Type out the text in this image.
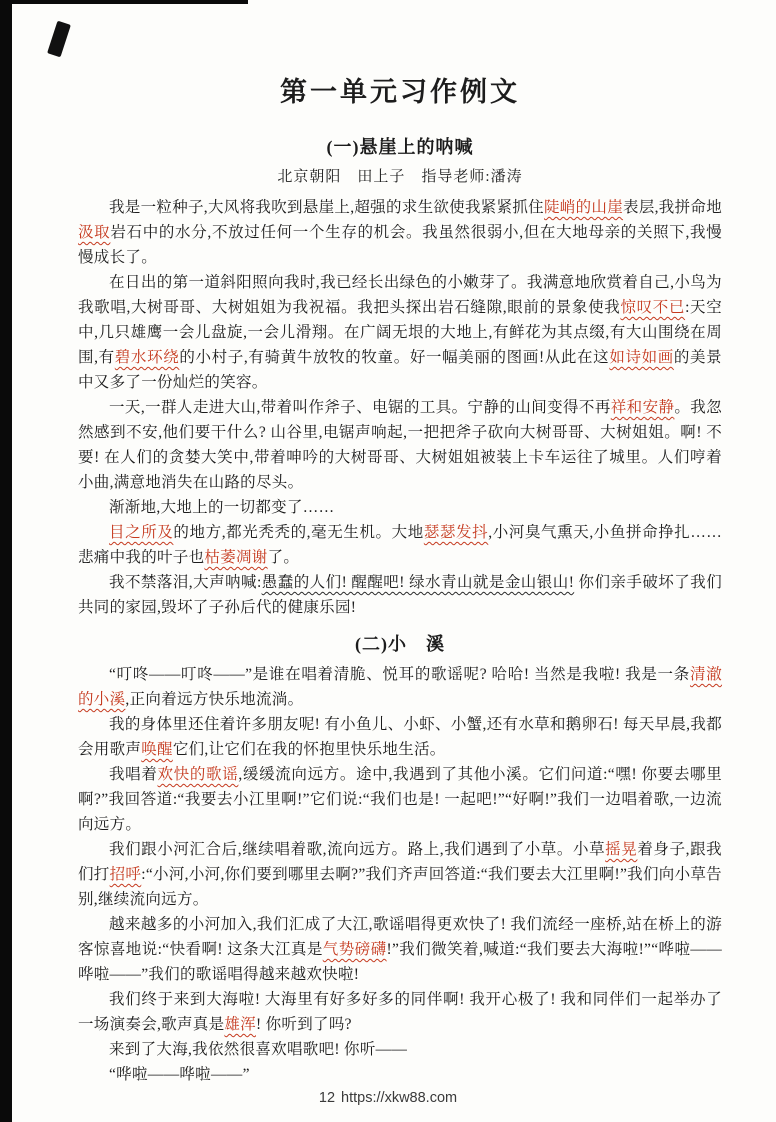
第一单元习作例文
(一)悬崖上的呐喊

北京朝阳　田上子　指导老师:潘涛

我是一粒种子,大风将我吹到悬崖上,超强的求生欲使我紧紧抓住陡峭的山崖表层,我拼命地汲取岩石中的水分,不放过任何一个生存的机会。我虽然很弱小,但在大地母亲的关照下,我慢慢成长了。

在日出的第一道斜阳照向我时,我已经长出绿色的小嫩芽了。我满意地欣赏着自己,小鸟为我歌唱,大树哥哥、大树姐姐为我祝福。我把头探出岩石缝隙,眼前的景象使我惊叹不已:天空中,几只雄鹰一会儿盘旋,一会儿滑翔。在广阔无垠的大地上,有鲜花为其点缀,有大山围绕在周围,有碧水环绕的小村子,有骑黄牛放牧的牧童。好一幅美丽的图画!从此在这如诗如画的美景中又多了一份灿烂的笑容。

一天,一群人走进大山,带着叫作斧子、电锯的工具。宁静的山间变得不再祥和安静。我忽然感到不安,他们要干什么? 山谷里,电锯声响起,一把把斧子砍向大树哥哥、大树姐姐。啊! 不要! 在人们的贪婪大笑中,带着呻吟的大树哥哥、大树姐姐被装上卡车运往了城里。人们哼着小曲,满意地消失在山路的尽头。

渐渐地,大地上的一切都变了……

目之所及的地方,都光秃秃的,毫无生机。大地瑟瑟发抖,小河臭气熏天,小鱼拼命挣扎……悲痛中我的叶子也枯萎凋谢了。

我不禁落泪,大声呐喊:愚蠢的人们! 醒醒吧! 绿水青山就是金山银山! 你们亲手破坏了我们共同的家园,毁坏了子孙后代的健康乐园!

(二)小　溪

“叮咚——叮咚——”是谁在唱着清脆、悦耳的歌谣呢? 哈哈! 当然是我啦! 我是一条清澈的小溪,正向着远方快乐地流淌。

我的身体里还住着许多朋友呢! 有小鱼儿、小虾、小蟹,还有水草和鹅卵石! 每天早晨,我都会用歌声唤醒它们,让它们在我的怀抱里快乐地生活。

我唱着欢快的歌谣,缓缓流向远方。途中,我遇到了其他小溪。它们问道:“嘿! 你要去哪里啊?”我回答道:“我要去小江里啊!”它们说:“我们也是! 一起吧!”“好啊!”我们一边唱着歌,一边流向远方。

我们跟小河汇合后,继续唱着歌,流向远方。路上,我们遇到了小草。小草摇晃着身子,跟我们打招呼:“小河,小河,你们要到哪里去啊?”我们齐声回答道:“我们要去大江里啊!”我们向小草告别,继续流向远方。

越来越多的小河加入,我们汇成了大江,歌谣唱得更欢快了! 我们流经一座桥,站在桥上的游客惊喜地说:“快看啊! 这条大江真是气势磅礴!”我们微笑着,喊道:“我们要去大海啦!”“哗啦——哗啦——”我们的歌谣唱得越来越欢快啦!

我们终于来到大海啦! 大海里有好多好多的同伴啊! 我开心极了! 我和同伴们一起举办了一场演奏会,歌声真是雄浑! 你听到了吗?

来到了大海,我依然很喜欢唱歌吧! 你听——

“哗啦——哗啦——”

12 https://xkw88.com
